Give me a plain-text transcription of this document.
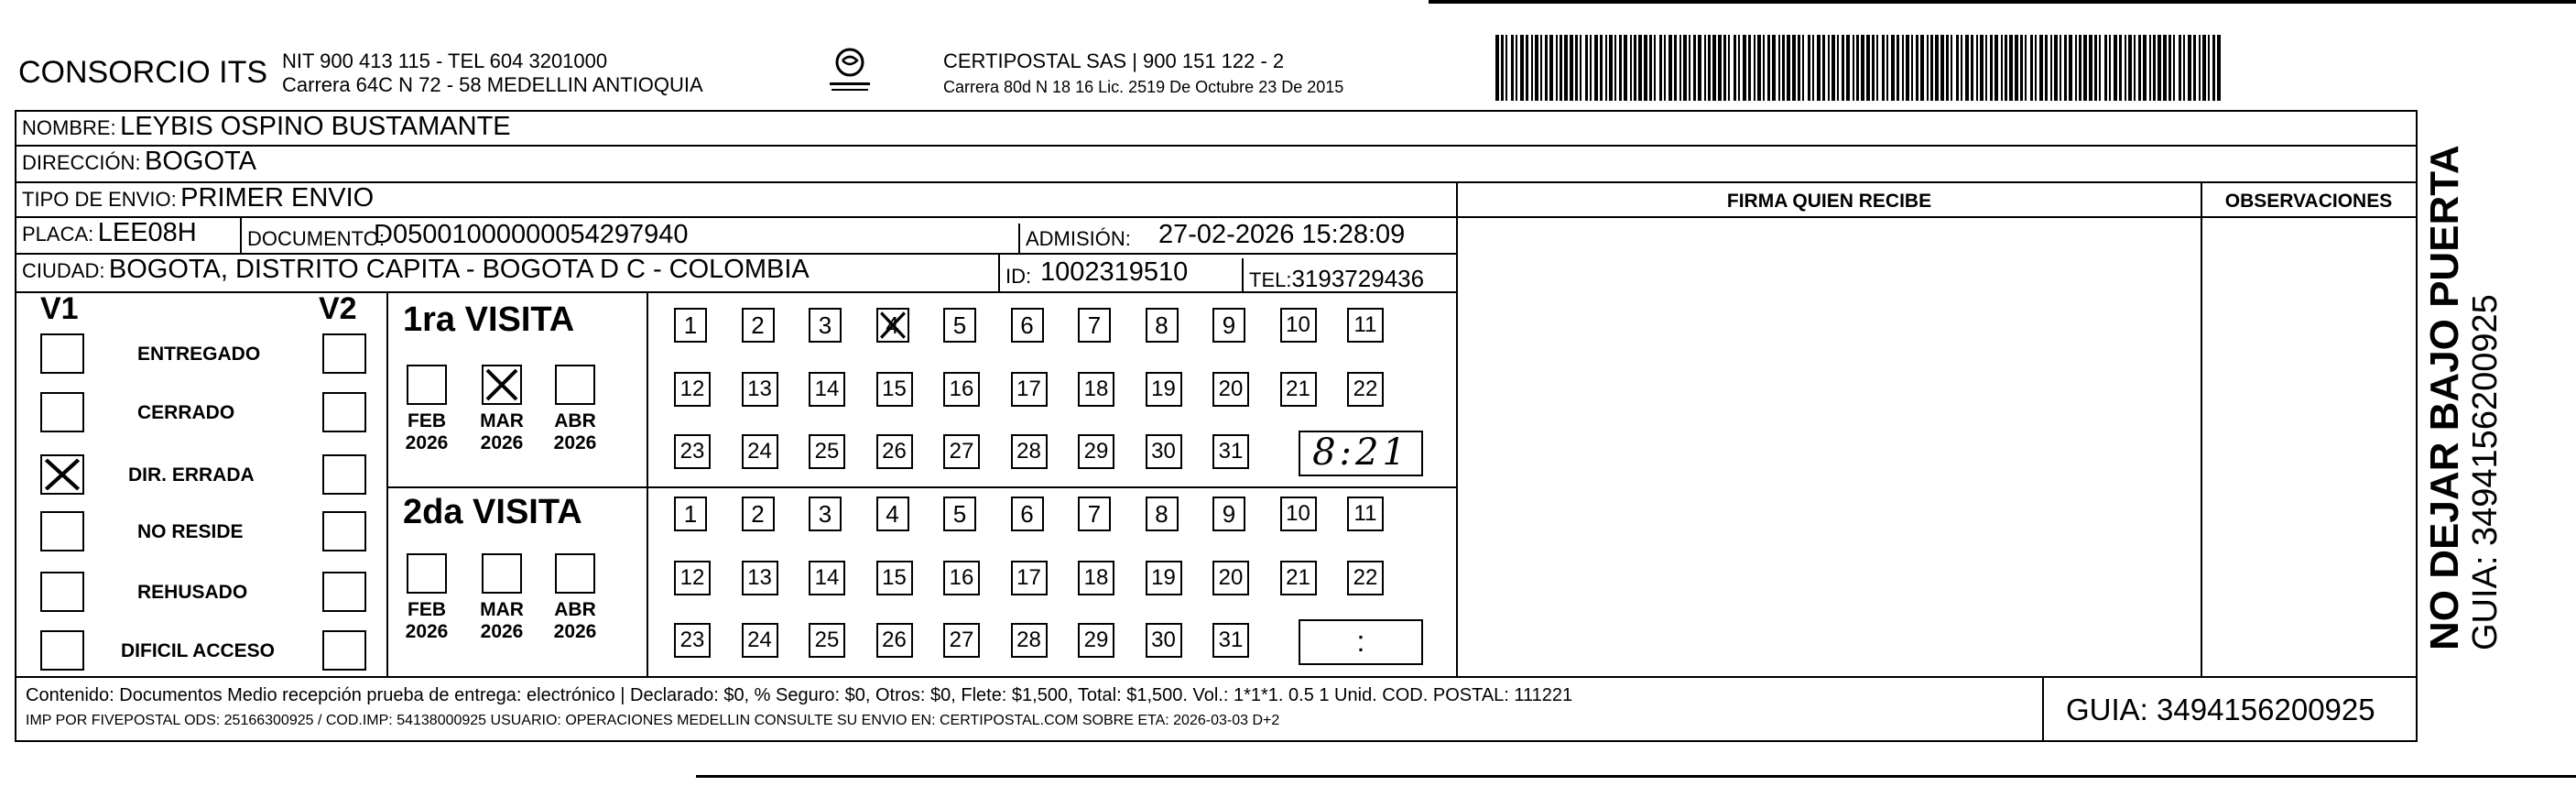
CONSORCIO ITS NIT 900 413 115 - TEL 604 3201000
Carrera 64C N 72 - 58 MEDELLIN ANTIOQUIA
CERTIPOSTAL SAS | 900 151 122 - 2
Carrera 80d N 18 16 Lic. 2519 De Octubre 23 De 2015
NOMBRE: LEYBIS OSPINO BUSTAMANTE
DIRECCIÓN: BOGOTA
TIPO DE ENVIO: PRIMER ENVIO
PLACA: LEE08H	DOCUMENTO:
D05001000000054297940	ADMISIÓN: 27-02-2026 15:28:09
CIUDAD: BOGOTA, DISTRITO CAPITA - BOGOTA D C - COLOMBIA	ID: 1002319510	TEL:3193729436
FIRMA QUIEN RECIBE	OBSERVACIONES
V1	V2
ENTREGADO
CERRADO
DIR. ERRADA
NO RESIDE
REHUSADO
DIFICIL ACCESO
1ra VISITA
2da VISITA
FEB
2026
MAR
2026
ABR
2026
FEB
2026
MAR
2026
ABR
2026
1	2	3	4	5	6	7	8	9	10	11
12 13 14 15 16 17 18 19 20 21 22
23 24 25 26 27 28 29 30 31
1	2	3	4	5	6	7	8	9	10	11
12 13 14 15 16 17 18 19 20 21 22
23 24 25 26 27 28 29 30 31
8:21
:
Contenido: Documentos Medio recepción prueba de entrega: electrónico | Declarado: $0, % Seguro: $0, Otros: $0, Flete: $1,500, Total: $1,500. Vol.: 1*1*1. 0.5 1 Unid. COD. POSTAL: 111221
IMP POR FIVEPOSTAL ODS: 25166300925 / COD.IMP: 54138000925 USUARIO: OPERACIONES MEDELLIN CONSULTE SU ENVIO EN: CERTIPOSTAL.COM SOBRE ETA: 2026-03-03 D+2	GUIA: 3494156200925
NO DEJAR BAJO PUERTA GUIA: 3494156200925
